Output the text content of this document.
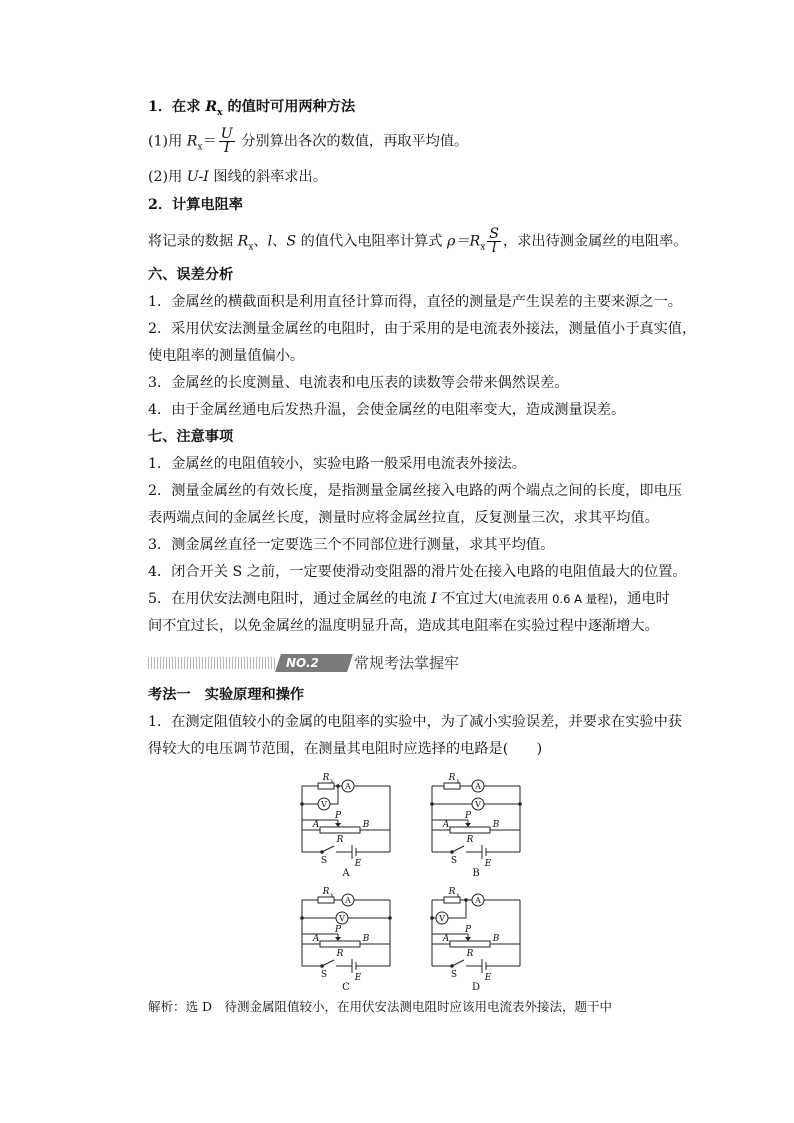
1．在求 $R_x$ 的值时可用两种方法
(1)用 $R_x= \frac{U}{I}$ 分别算出各次的数值，再取平均值。
(2)用 U-I 图线的斜率求出。
2．计算电阻率
将记录的数据 $R_x$、l、S 的值代入电阻率计算式 $\rho=R_x \frac{S}{l}$ ，求出待测金属丝的电阻率。
六、误差分析
1．金属丝的横截面积是利用直径计算而得，直径的测量是产生误差的主要来源之一。
2．采用伏安法测量金属丝的电阻时，由于采用的是电流表外接法，测量值小于真实值，
使电阻率的测量值偏小。
3．金属丝的长度测量、电流表和电压表的读数等会带来偶然误差。
4．由于金属丝通电后发热升温，会使金属丝的电阻率变大，造成测量误差。
七、注意事项
1．金属丝的电阻值较小，实验电路一般采用电流表外接法。
2．测量金属丝的有效长度，是指测量金属丝接入电路的两个端点之间的长度，即电压
表两端点间的金属丝长度，测量时应将金属丝拉直，反复测量三次，求其平均值。
3．测金属丝直径一定要选三个不同部位进行测量，求其平均值。
4．闭合开关 S 之前，一定要使滑动变阻器的滑片处在接入电路的电阻值最大的位置。
5．在用伏安法测电阻时，通过金属丝的电流 I 不宜过大(电流表用 0.6 A 量程)，通电时
间不宜过长，以免金属丝的温度明显升高，造成其电阻率在实验过程中逐渐增大。
NO.2 常规考法掌握牢
考法一　实验原理和操作
1．在测定阻值较小的金属的电阻率的实验中，为了减小实验误差，并要求在实验中获
得较大的电压调节范围，在测量其电阻时应选择的电路是(　　)
R x
A
V
R
A	B
P
S	E
A
R x
A
V
R
A	B
P
S	E
B
R x
A
V
R
A	B
P
S	E
C
R x
A
V
R
A	B
P
S	E
D
解析：选 D　待测金属阻值较小，在用伏安法测电阻时应该用电流表外接法，题干中
